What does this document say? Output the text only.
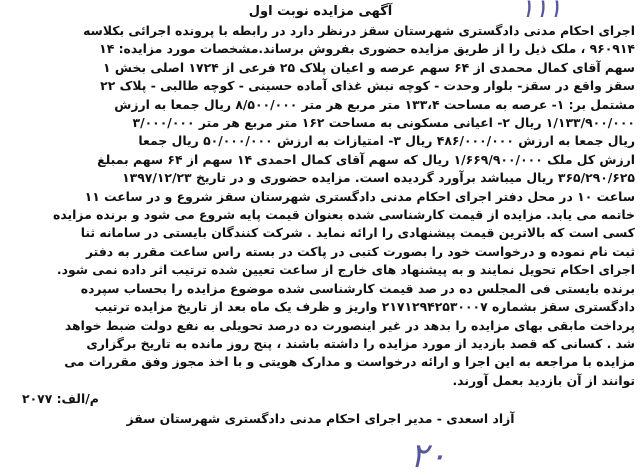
۱۱۱
آگهی مزایده نوبت اول
اجرای احکام مدنی دادگستری شهرستان سقز درنظر دارد در رابطه با پرونده اجرائی بکلاسه
۹۶۰۹۱۴ ، ملک ذیل را از طریق مزایده حضوری بفروش برساند.مشخصات مورد مزایده: ۱۴
سهم آقای کمال محمدی از ۶۴ سهم عرصه و اعیان پلاک ۲۵ فرعی از ۱۷۲۴ اصلی بخش ۱
سقز واقع در سقز- بلوار وحدت - کوچه نبش غذای آماده حسینی - کوچه طالبی - پلاک ۲۲
مشتمل بر: ۱- عرصه به مساحت ۱۳۳،۴ متر مربع هر متر ۸/۵۰۰/۰۰۰ ریال جمعا به ارزش
۱/۱۳۳/۹۰۰/۰۰۰ ریال ۲- اعیانی مسکونی به مساحت ۱۶۲ متر مربع هر متر ۳/۰۰۰/۰۰۰
ریال جمعا به ارزش ۴۸۶/۰۰۰/۰۰۰ ریال ۳- امتیازات به ارزش ۵۰/۰۰۰/۰۰۰ ریال جمعا
ارزش کل ملک ۱/۶۶۹/۹۰۰/۰۰۰ ریال که سهم آقای کمال احمدی ۱۴ سهم از ۶۴ سهم بمبلغ
۳۶۵/۲۹۰/۶۲۵ ریال میباشد برآورد گردیده است. مزایده حضوری و در تاریخ ۱۳۹۷/۱۲/۲۳
ساعت ۱۰ در محل دفتر اجرای احکام مدنی دادگستری شهرستان سقز شروع و در ساعت ۱۱
خاتمه می یابد. مزایده از قیمت کارشناسی شده بعنوان قیمت پایه شروع می شود و برنده مزایده
کسی است که بالاترین قیمت پیشنهادی را ارائه نماید . شرکت کنندگان بایستی در سامانه ثنا
ثبت نام نموده و درخواست خود را بصورت کتبی در پاکت در بسته راس ساعت مقرر به دفتر
اجرای احکام تحویل نمایند و به پیشنهاد های خارج از ساعت تعیین شده ترتیب اثر داده نمی شود.
برنده بایستی فی المجلس ده در صد قیمت کارشناسی شده موضوع مزایده را بحساب سپرده
دادگستری سقز بشماره ۲۱۷۱۲۹۴۲۵۳۰۰۰۷ واریز و ظرف یک ماه بعد از تاریخ مزایده ترتیب
پرداخت مابقی بهای مزایده را بدهد در غیر اینصورت ده درصد تحویلی به نفع دولت ضبط خواهد
شد . کسانی که قصد بازدید از مورد مزایده را داشته باشند ، پنج روز مانده به تاریخ برگزاری
مزایده با مراجعه به این اجرا و ارائه درخواست و مدارک هویتی و با اخذ مجوز وفق مقررات می
توانند از آن بازدید بعمل آورند.
م/الف: ۲۰۷۷
آزاد اسعدی - مدیر اجرای احکام مدنی دادگستری شهرستان سقز
۲۰
